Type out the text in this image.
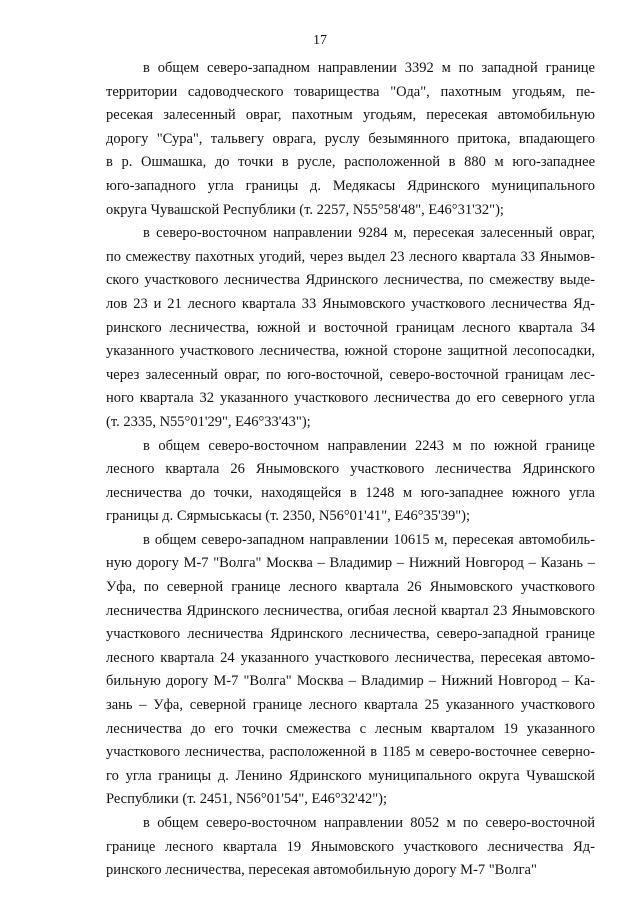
17

в общем северо-западном направлении 3392 м по западной границе
территории садоводческого товарищества "Ода", пахотным угодьям, пе-
ресекая залесенный овраг, пахотным угодьям, пересекая автомобильную
дорогу "Сура", тальвегу оврага, руслу безымянного притока, впадающего
в р. Ошмашка, до точки в русле, расположенной в 880 м юго-западнее
юго-западного угла границы д. Медякасы Ядринского муниципального
округа Чувашской Республики (т. 2257, N55°58'48", E46°31'32");

в северо-восточном направлении 9284 м, пересекая залесенный овраг,
по смежеству пахотных угодий, через выдел 23 лесного квартала 33 Янымов-
ского участкового лесничества Ядринского лесничества, по смежеству выде-
лов 23 и 21 лесного квартала 33 Янымовского участкового лесничества Яд-
ринского лесничества, южной и восточной границам лесного квартала 34
указанного участкового лесничества, южной стороне защитной лесопосадки,
через залесенный овраг, по юго-восточной, северо-восточной границам лес-
ного квартала 32 указанного участкового лесничества до его северного угла
(т. 2335, N55°01'29", E46°33'43");

в общем северо-восточном направлении 2243 м по южной границе
лесного квартала 26 Янымовского участкового лесничества Ядринского
лесничества до точки, находящейся в 1248 м юго-западнее южного угла
границы д. Сярмыськасы (т. 2350, N56°01'41", E46°35'39");

в общем северо-западном направлении 10615 м, пересекая автомобиль-
ную дорогу М-7 "Волга" Москва – Владимир – Нижний Новгород – Казань –
Уфа, по северной границе лесного квартала 26 Янымовского участкового
лесничества Ядринского лесничества, огибая лесной квартал 23 Янымовского
участкового лесничества Ядринского лесничества, северо-западной границе
лесного квартала 24 указанного участкового лесничества, пересекая автомо-
бильную дорогу М-7 "Волга" Москва – Владимир – Нижний Новгород – Ка-
зань – Уфа, северной границе лесного квартала 25 указанного участкового
лесничества до его точки смежества с лесным кварталом 19 указанного
участкового лесничества, расположенной в 1185 м северо-восточнее северно-
го угла границы д. Ленино Ядринского муниципального округа Чувашской
Республики (т. 2451, N56°01'54", E46°32'42");

в общем северо-восточном направлении 8052 м по северо-восточной
границе лесного квартала 19 Янымовского участкового лесничества Яд-
ринского лесничества, пересекая автомобильную дорогу М-7 "Волга"
